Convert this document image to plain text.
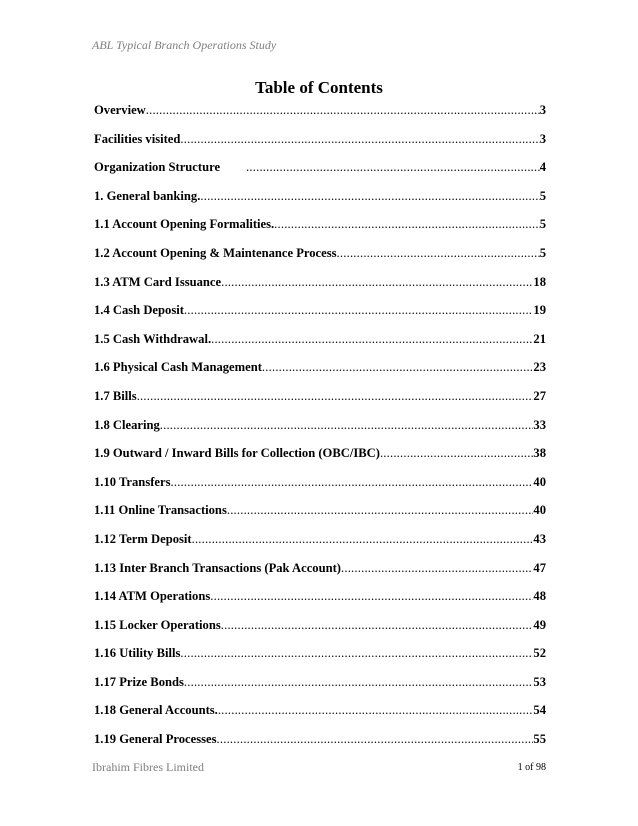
ABL Typical Branch Operations Study
Table of Contents
Overview .....	3
Facilities visited .....	3
Organization Structure .....	4
1. General banking. .....	5
1.1 Account Opening Formalities. .....	5
1.2 Account Opening & Maintenance Process .....	5
1.3 ATM Card Issuance .....	18
1.4 Cash Deposit .....	19
1.5 Cash Withdrawal. .....	21
1.6 Physical Cash Management .....	23
1.7 Bills .....	27
1.8 Clearing .....	33
1.9 Outward / Inward Bills for Collection (OBC/IBC) .....	38
1.10 Transfers .....	40
1.11 Online Transactions .....	40
1.12 Term Deposit .....	43
1.13 Inter Branch Transactions (Pak Account) .....	47
1.14 ATM Operations .....	48
1.15 Locker Operations .....	49
1.16 Utility Bills .....	52
1.17 Prize Bonds .....	53
1.18 General Accounts. .....	54
1.19 General Processes .....	55
Ibrahim Fibres Limited	1 of 98
